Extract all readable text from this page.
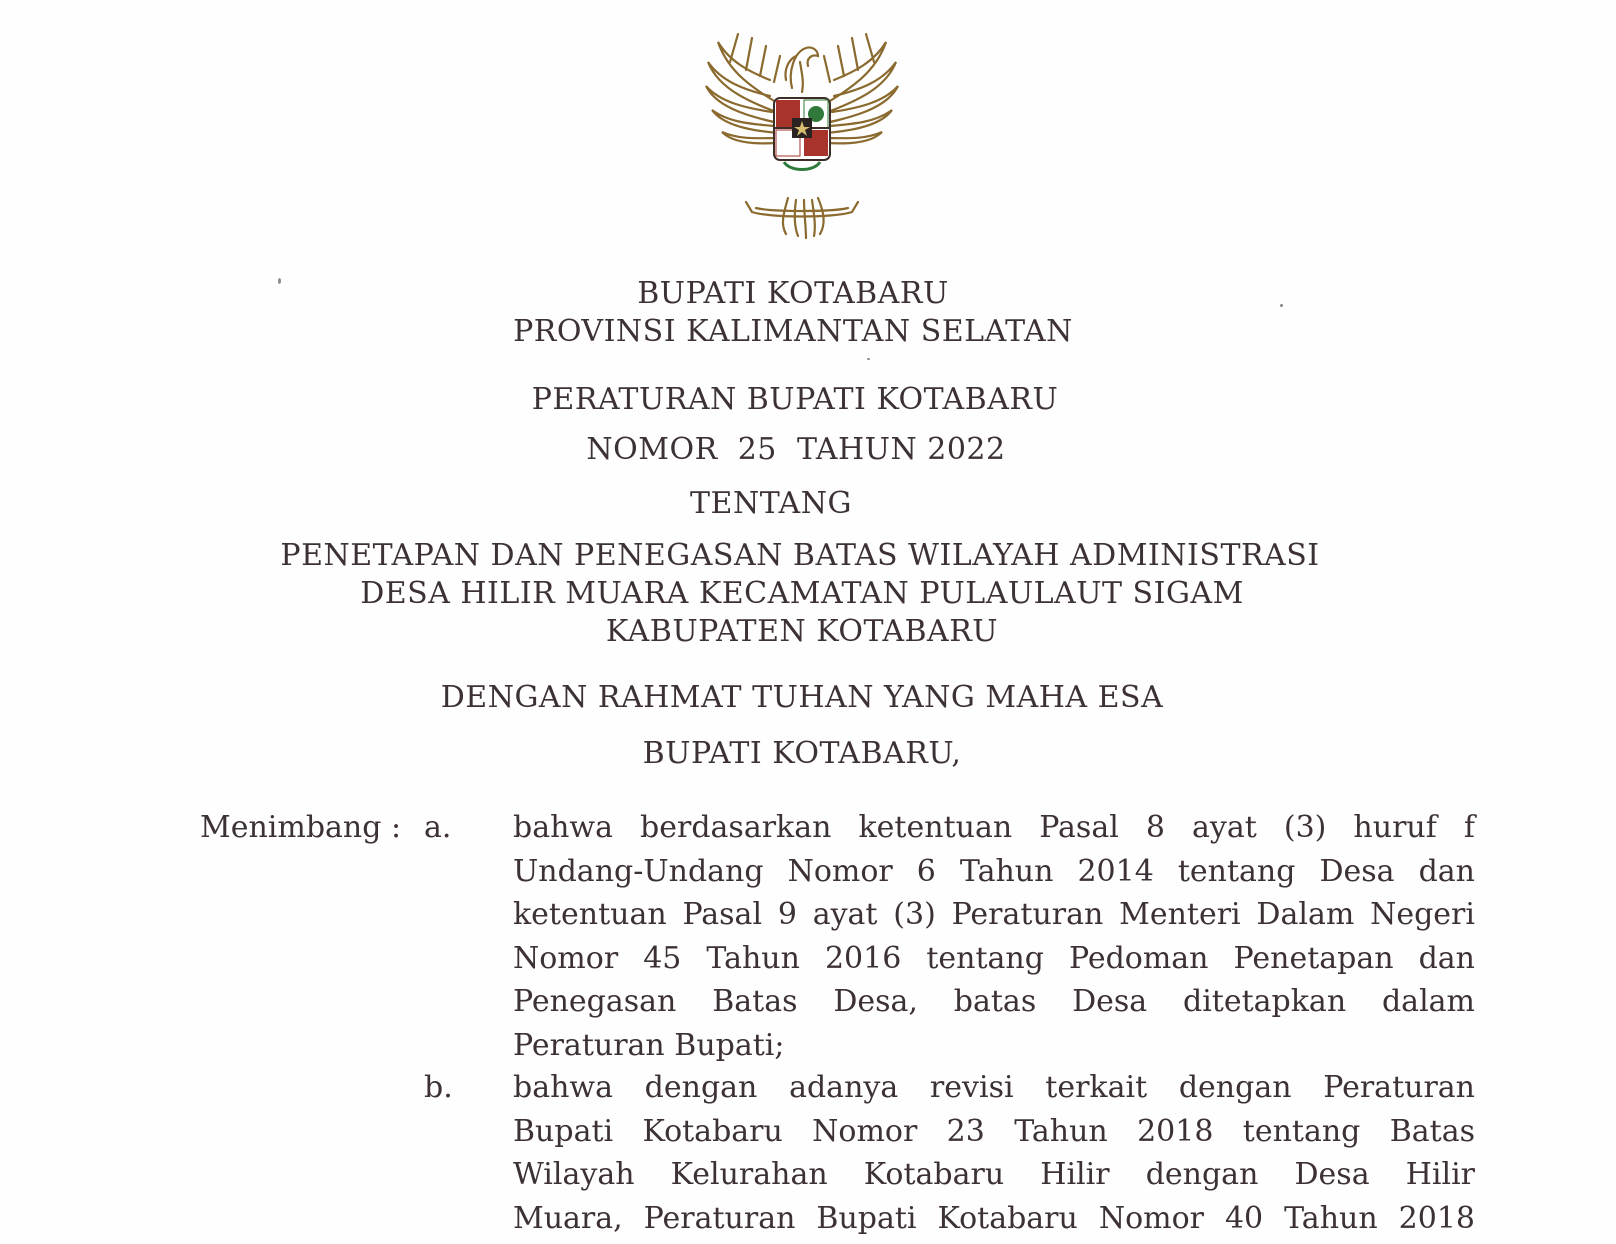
BUPATI KOTABARU
PROVINSI KALIMANTAN SELATAN
PERATURAN BUPATI KOTABARU
NOMOR  25  TAHUN 2022
TENTANG
PENETAPAN DAN PENEGASAN BATAS WILAYAH ADMINISTRASI
DESA HILIR MUARA KECAMATAN PULAULAUT SIGAM
KABUPATEN KOTABARU
DENGAN RAHMAT TUHAN YANG MAHA ESA
BUPATI KOTABARU,
Menimbang : a. bahwa berdasarkan ketentuan Pasal 8 ayat (3) huruf f
Undang-Undang Nomor 6 Tahun 2014 tentang Desa dan
ketentuan Pasal 9 ayat (3) Peraturan Menteri Dalam Negeri
Nomor 45 Tahun 2016 tentang Pedoman Penetapan dan
Penegasan Batas Desa, batas Desa ditetapkan dalam
Peraturan Bupati;
b. bahwa dengan adanya revisi terkait dengan Peraturan
Bupati Kotabaru Nomor 23 Tahun 2018 tentang Batas
Wilayah Kelurahan Kotabaru Hilir dengan Desa Hilir
Muara, Peraturan Bupati Kotabaru Nomor 40 Tahun 2018
